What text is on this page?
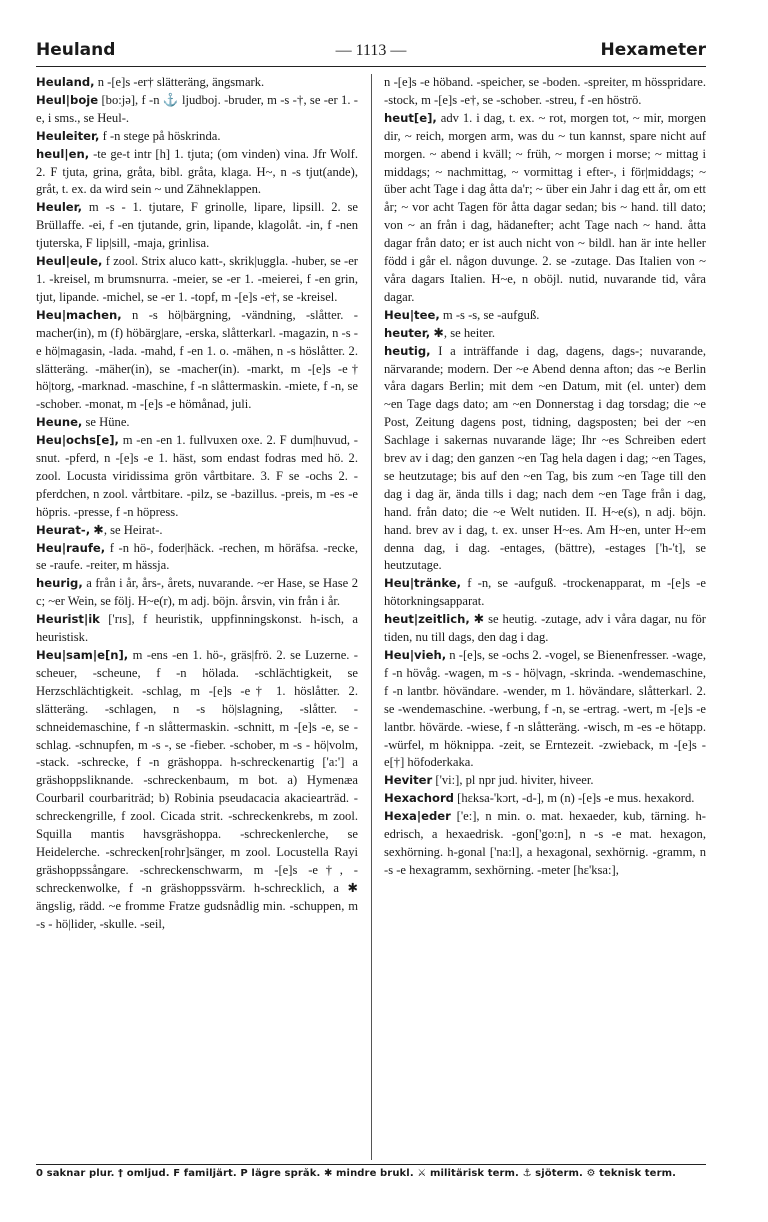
Heuland	— 1113 —	Hexameter

Heuland, n -[e]s -er† slätteräng, ängsmark.

Heul|boje [bo:jə], f -n ⚓ ljudboj. -bruder, m -s -†, se -er 1. -e, i sms., se Heul-.

Heuleiter, f -n stege på höskrinda.

heul|en, -te ge-t intr [h] 1. tjuta; (om vinden) vina. Jfr Wolf. 2. F tjuta, grina, gråta, bibl. gråta, klaga. H~, n -s tjut(ande), gråt, t. ex. da wird sein ~ und Zähneklappen.

Heuler, m -s - 1. tjutare, F grinolle, lipare, lipsill. 2. se Brüllaffe. -ei, f -en tjutande, grin, lipande, klagolåt. -in, f -nen tjuterska, F lip|sill, -maja, grinlisa.

Heul|eule, f zool. Strix aluco katt-, skrik|uggla. -huber, se -er 1. -kreisel, m brumsnurra. -meier, se -er 1. -meierei, f -en grin, tjut, lipande. -michel, se -er 1. -topf, m -[e]s -e†, se -kreisel.

Heu|machen, n -s hö|bärgning, -vändning, -slåtter. -macher(in), m (f) höbärg|are, -erska, slåtterkarl. -magazin, n -s -e hö|magasin, -lada. -mahd, f -en 1. o. -mähen, n -s höslåtter. 2. slätteräng. -mäher(in), se -macher(in). -markt, m -[e]s -e† hö|torg, -marknad. -maschine, f -n slåttermaskin. -miete, f -n, se -schober. -monat, m -[e]s -e hömånad, juli.

Heune, se Hüne.

Heu|ochs[e], m -en -en 1. fullvuxen oxe. 2. F dum|huvud, -snut. -pferd, n -[e]s -e 1. häst, som endast fodras med hö. 2. zool. Locusta viridissima grön vårtbitare. 3. F se -ochs 2. -pferdchen, n zool. vårtbitare. -pilz, se -bazillus. -preis, m -es -e höpris. -presse, f -n höpress.

Heurat-, ✱, se Heirat-.

Heu|raufe, f -n hö-, foder|häck. -rechen, m höräfsa. -recke, se -raufe. -reiter, m hässja.

heurig, a från i år, års-, årets, nuvarande. ~er Hase, se Hase 2 c; ~er Wein, se följ. H~e(r), m adj. böjn. årsvin, vin från i år.

Heurist|ik ['rɪs], f heuristik, uppfinningskonst. h-isch, a heuristisk.

Heu|sam|e[n], m -ens -en 1. hö-, gräs|frö. 2. se Luzerne. -scheuer, -scheune, f -n hölada. -schlächtigkeit, se Herzschlächtigkeit. -schlag, m -[e]s -e† 1. höslåtter. 2. slätteräng. -schlagen, n -s hö|slagning, -slåtter. -schneidemaschine, f -n slåttermaskin. -schnitt, m -[e]s -e, se -schlag. -schnupfen, m -s -, se -fieber. -schober, m -s - hö|volm, -stack. -schrecke, f -n gräshoppa. h-schreckenartig ['a:'] a gräshoppsliknande. -schreckenbaum, m bot. a) Hymenæa Courbaril courbariträd; b) Robinia pseudacacia akaciearträd. -schreckengrille, f zool. Cicada strit. -schreckenkrebs, m zool. Squilla mantis havsgräshoppa. -schreckenlerche, se Heidelerche. -schrecken[rohr]sänger, m zool. Locustella Rayi gräshoppssångare. -schreckenschwarm, m -[e]s -e†, -schreckenwolke, f -n gräshoppssvärm. h-schrecklich, a ✱ ängslig, rädd. ~e fromme Fratze gudsnådlig min. -schuppen, m -s - hö|lider, -skulle. -seil,

n -[e]s -e höband. -speicher, se -boden. -spreiter, m hösspridare. -stock, m -[e]s -e†, se -schober. -streu, f -en höströ.

heut[e], adv 1. i dag, t. ex. ~ rot, morgen tot, ~ mir, morgen dir, ~ reich, morgen arm, was du ~ tun kannst, spare nicht auf morgen. ~ abend i kväll; ~ früh, ~ morgen i morse; ~ mittag i middags; ~ nachmittag, ~ vormittag i efter-, i för|middags; ~ über acht Tage i dag åtta da'r; ~ über ein Jahr i dag ett år, om ett år; ~ vor acht Tagen för åtta dagar sedan; bis ~ hand. till dato; von ~ an från i dag, hädanefter; acht Tage nach ~ hand. åtta dagar från dato; er ist auch nicht von ~ bildl. han är inte heller född i går el. någon duvunge. 2. se -zutage. Das Italien von ~ våra dagars Italien. H~e, n oböjl. nutid, nuvarande tid, våra dagar.

Heu|tee, m -s -s, se -aufguß.

heuter, ✱, se heiter.

heutig, I a inträffande i dag, dagens, dags-; nuvarande, närvarande; modern. Der ~e Abend denna afton; das ~e Berlin våra dagars Berlin; mit dem ~en Datum, mit (el. unter) dem ~en Tage dags dato; am ~en Donnerstag i dag torsdag; die ~e Post, Zeitung dagens post, tidning, dagsposten; bei der ~en Sachlage i sakernas nuvarande läge; Ihr ~es Schreiben edert brev av i dag; den ganzen ~en Tag hela dagen i dag; ~en Tages, se heutzutage; bis auf den ~en Tag, bis zum ~en Tage till den dag i dag är, ända tills i dag; nach dem ~en Tage från i dag, hand. från dato; die ~e Welt nutiden. II. H~e(s), n adj. böjn. hand. brev av i dag, t. ex. unser H~es. Am H~en, unter H~em denna dag, i dag. -entages, (bättre), -estages ['h-'t], se heutzutage.

Heu|tränke, f -n, se -aufguß. -trockenapparat, m -[e]s -e hötorkningsapparat.

heut|zeitlich, ✱ se heutig. -zutage, adv i våra dagar, nu för tiden, nu till dags, den dag i dag.

Heu|vieh, n -[e]s, se -ochs 2. -vogel, se Bienenfresser. -wage, f -n hövåg. -wagen, m -s - hö|vagn, -skrinda. -wendemaschine, f -n lantbr. hövändare. -wender, m 1. hövändare, slåtterkarl. 2. se -wendemaschine. -werbung, f -n, se -ertrag. -wert, m -[e]s -e lantbr. hövärde. -wiese, f -n slåtteräng. -wisch, m -es -e hötapp. -würfel, m höknippa. -zeit, se Erntezeit. -zwieback, m -[e]s -e[†] höfoderkaka.

Heviter ['vi:], pl npr jud. hiviter, hiveer.

Hexachord [hɛksa-'kɔrt, -d-], m (n) -[e]s -e mus. hexakord.

Hexa|eder ['e:], n min. o. mat. hexaeder, kub, tärning. h-edrisch, a hexaedrisk. -gon['go:n], n -s -e mat. hexagon, sexhörning. h-gonal ['na:l], a hexagonal, sexhörnig. -gramm, n -s -e hexagramm, sexhörning. -meter [hɛ'ksa:],

0 saknar plur. † omljud. F familjärt. P lägre språk. ✱ mindre brukl. ⚔ militärisk term. ⚓ sjöterm. ⚙ teknisk term.
